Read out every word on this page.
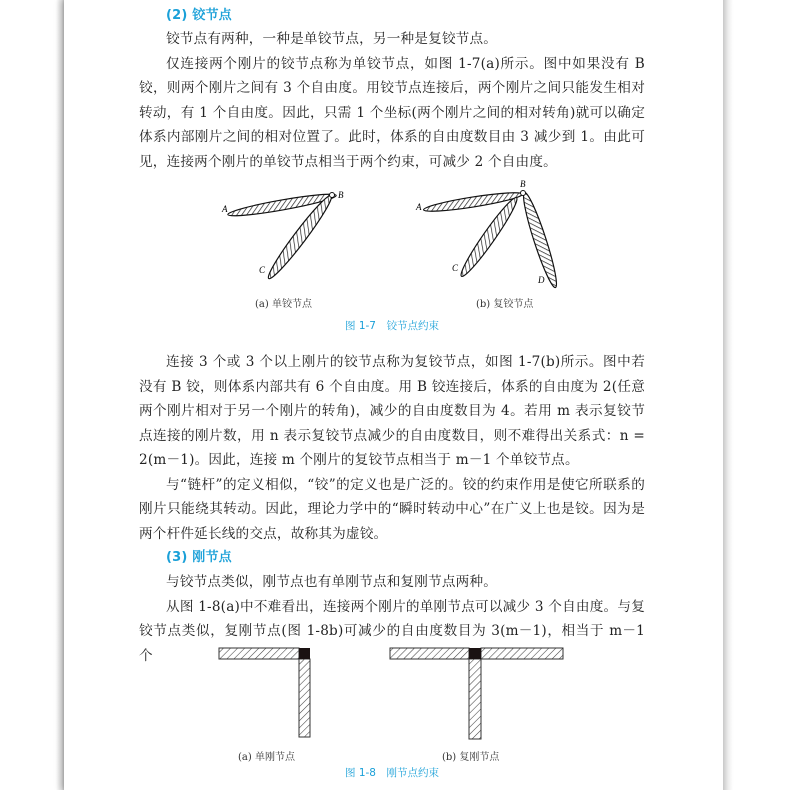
(2) 铰节点

铰节点有两种，一种是单铰节点，另一种是复铰节点。

仅连接两个刚片的铰节点称为单铰节点，如图 1-7(a)所示。图中如果没有 B 铰，则两个刚片之间有 3 个自由度。用铰节点连接后，两个刚片之间只能发生相对转动，有 1 个自由度。因此，只需 1 个坐标(两个刚片之间的相对转角)就可以确定体系内部刚片之间的相对位置了。此时，体系的自由度数目由 3 减少到 1。由此可见，连接两个刚片的单铰节点相当于两个约束，可减少 2 个自由度。

A
B
C
A
B
C
D
(a) 单铰节点	(b) 复铰节点
图 1-7　铰节点约束

连接 3 个或 3 个以上刚片的铰节点称为复铰节点，如图 1-7(b)所示。图中若没有 B 铰，则体系内部共有 6 个自由度。用 B 铰连接后，体系的自由度为 2(任意两个刚片相对于另一个刚片的转角)，减少的自由度数目为 4。若用 m 表示复铰节点连接的刚片数，用 n 表示复铰节点减少的自由度数目，则不难得出关系式：n = 2(m－1)。因此，连接 m 个刚片的复铰节点相当于 m－1 个单铰节点。

与“链杆”的定义相似，“铰”的定义也是广泛的。铰的约束作用是使它所联系的刚片只能绕其转动。因此，理论力学中的“瞬时转动中心”在广义上也是铰。因为是两个杆件延长线的交点，故称其为虚铰。

(3) 刚节点

与铰节点类似，刚节点也有单刚节点和复刚节点两种。

从图 1-8(a)中不难看出，连接两个刚片的单刚节点可以减少 3 个自由度。与复铰节点类似，复刚节点(图 1-8b)可减少的自由度数目为 3(m－1)，相当于 m－1 个

(a) 单刚节点	(b) 复刚节点
图 1-8　刚节点约束
